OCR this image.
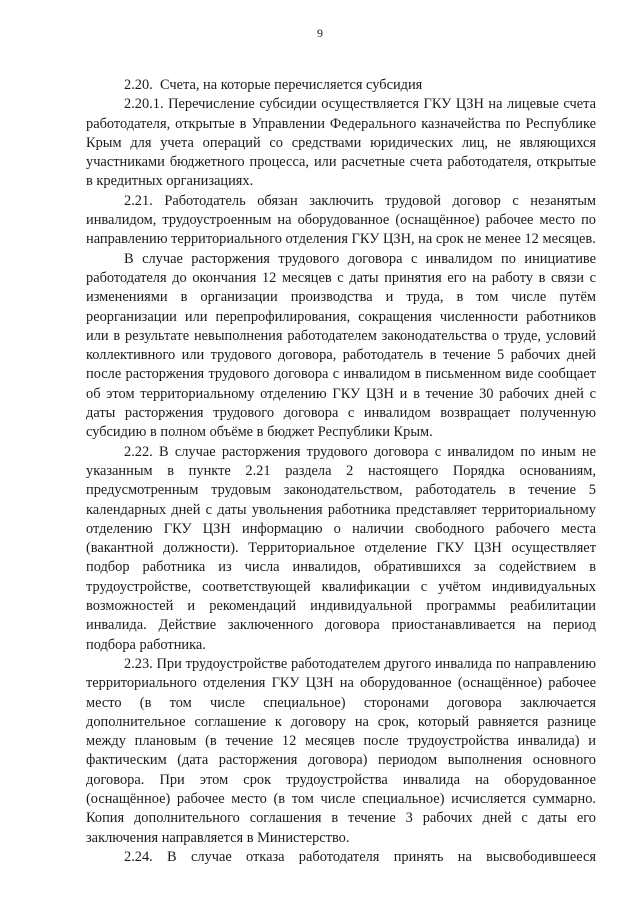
9

2.20.  Счета, на которые перечисляется субсидия

2.20.1. Перечисление субсидии осуществляется ГКУ ЦЗН на лицевые счета работодателя, открытые в Управлении Федерального казначейства по Республике Крым для учета операций со средствами юридических лиц, не являющихся участниками бюджетного процесса, или расчетные счета работодателя, открытые в кредитных организациях.

2.21. Работодатель обязан заключить трудовой договор с незанятым инвалидом, трудоустроенным на оборудованное (оснащённое) рабочее место по направлению территориального отделения ГКУ ЦЗН, на срок не менее 12 месяцев.

В случае расторжения трудового договора с инвалидом по инициативе работодателя до окончания 12 месяцев с даты принятия его на работу в связи с изменениями в организации производства и труда, в том числе путём реорганизации или перепрофилирования, сокращения численности работников или в результате невыполнения работодателем законодательства о труде, условий коллективного или трудового договора, работодатель в течение 5 рабочих дней после расторжения трудового договора с инвалидом в письменном виде сообщает об этом территориальному отделению ГКУ ЦЗН и в течение 30 рабочих дней с даты расторжения трудового договора с инвалидом возвращает полученную субсидию в полном объёме в бюджет Республики Крым.

2.22. В случае расторжения трудового договора с инвалидом по иным не указанным в пункте 2.21 раздела 2 настоящего Порядка основаниям, предусмотренным трудовым законодательством, работодатель в течение 5 календарных дней с даты увольнения работника представляет территориальному отделению ГКУ ЦЗН информацию о наличии свободного рабочего места (вакантной должности). Территориальное отделение ГКУ ЦЗН осуществляет подбор работника из числа инвалидов, обратившихся за содействием в трудоустройстве, соответствующей квалификации с учётом индивидуальных возможностей и рекомендаций индивидуальной программы реабилитации инвалида. Действие заключенного договора приостанавливается на период подбора работника.

2.23. При трудоустройстве работодателем другого инвалида по направлению территориального отделения ГКУ ЦЗН на оборудованное (оснащённое) рабочее место (в том числе специальное) сторонами договора заключается дополнительное соглашение к договору на срок, который равняется разнице между плановым (в течение 12 месяцев после трудоустройства инвалида) и фактическим (дата расторжения договора) периодом выполнения основного договора. При этом срок трудоустройства инвалида на оборудованное (оснащённое) рабочее место (в том числе специальное) исчисляется суммарно. Копия дополнительного соглашения в течение 3 рабочих дней с даты его заключения направляется в Министерство.

2.24. В случае отказа работодателя принять на высвободившееся
